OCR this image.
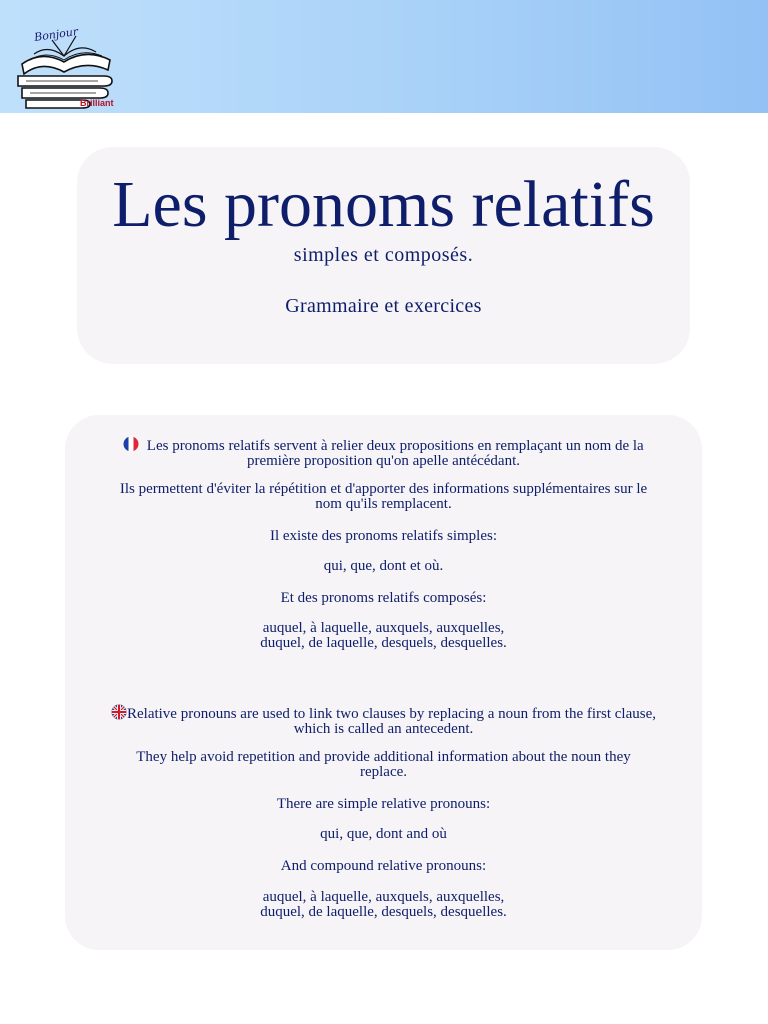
Bonjour
Brilliant
Les pronoms relatifs
simples et composés.
Grammaire et exercices
Les pronoms relatifs servent à relier deux propositions en remplaçant un nom de la
première proposition qu'on apelle antécédant.
Ils permettent d'éviter la répétition et d'apporter des informations supplémentaires sur le
nom qu'ils remplacent.
Il existe des pronoms relatifs simples:
qui, que, dont et où.
Et des pronoms relatifs composés:
auquel, à laquelle, auxquels, auxquelles,
duquel, de laquelle, desquels, desquelles.
Relative pronouns are used to link two clauses by replacing a noun from the first clause,
which is called an antecedent.
They help avoid repetition and provide additional information about the noun they
replace.
There are simple relative pronouns:
qui, que, dont and où
And compound relative pronouns:
auquel, à laquelle, auxquels, auxquelles,
duquel, de laquelle, desquels, desquelles.
